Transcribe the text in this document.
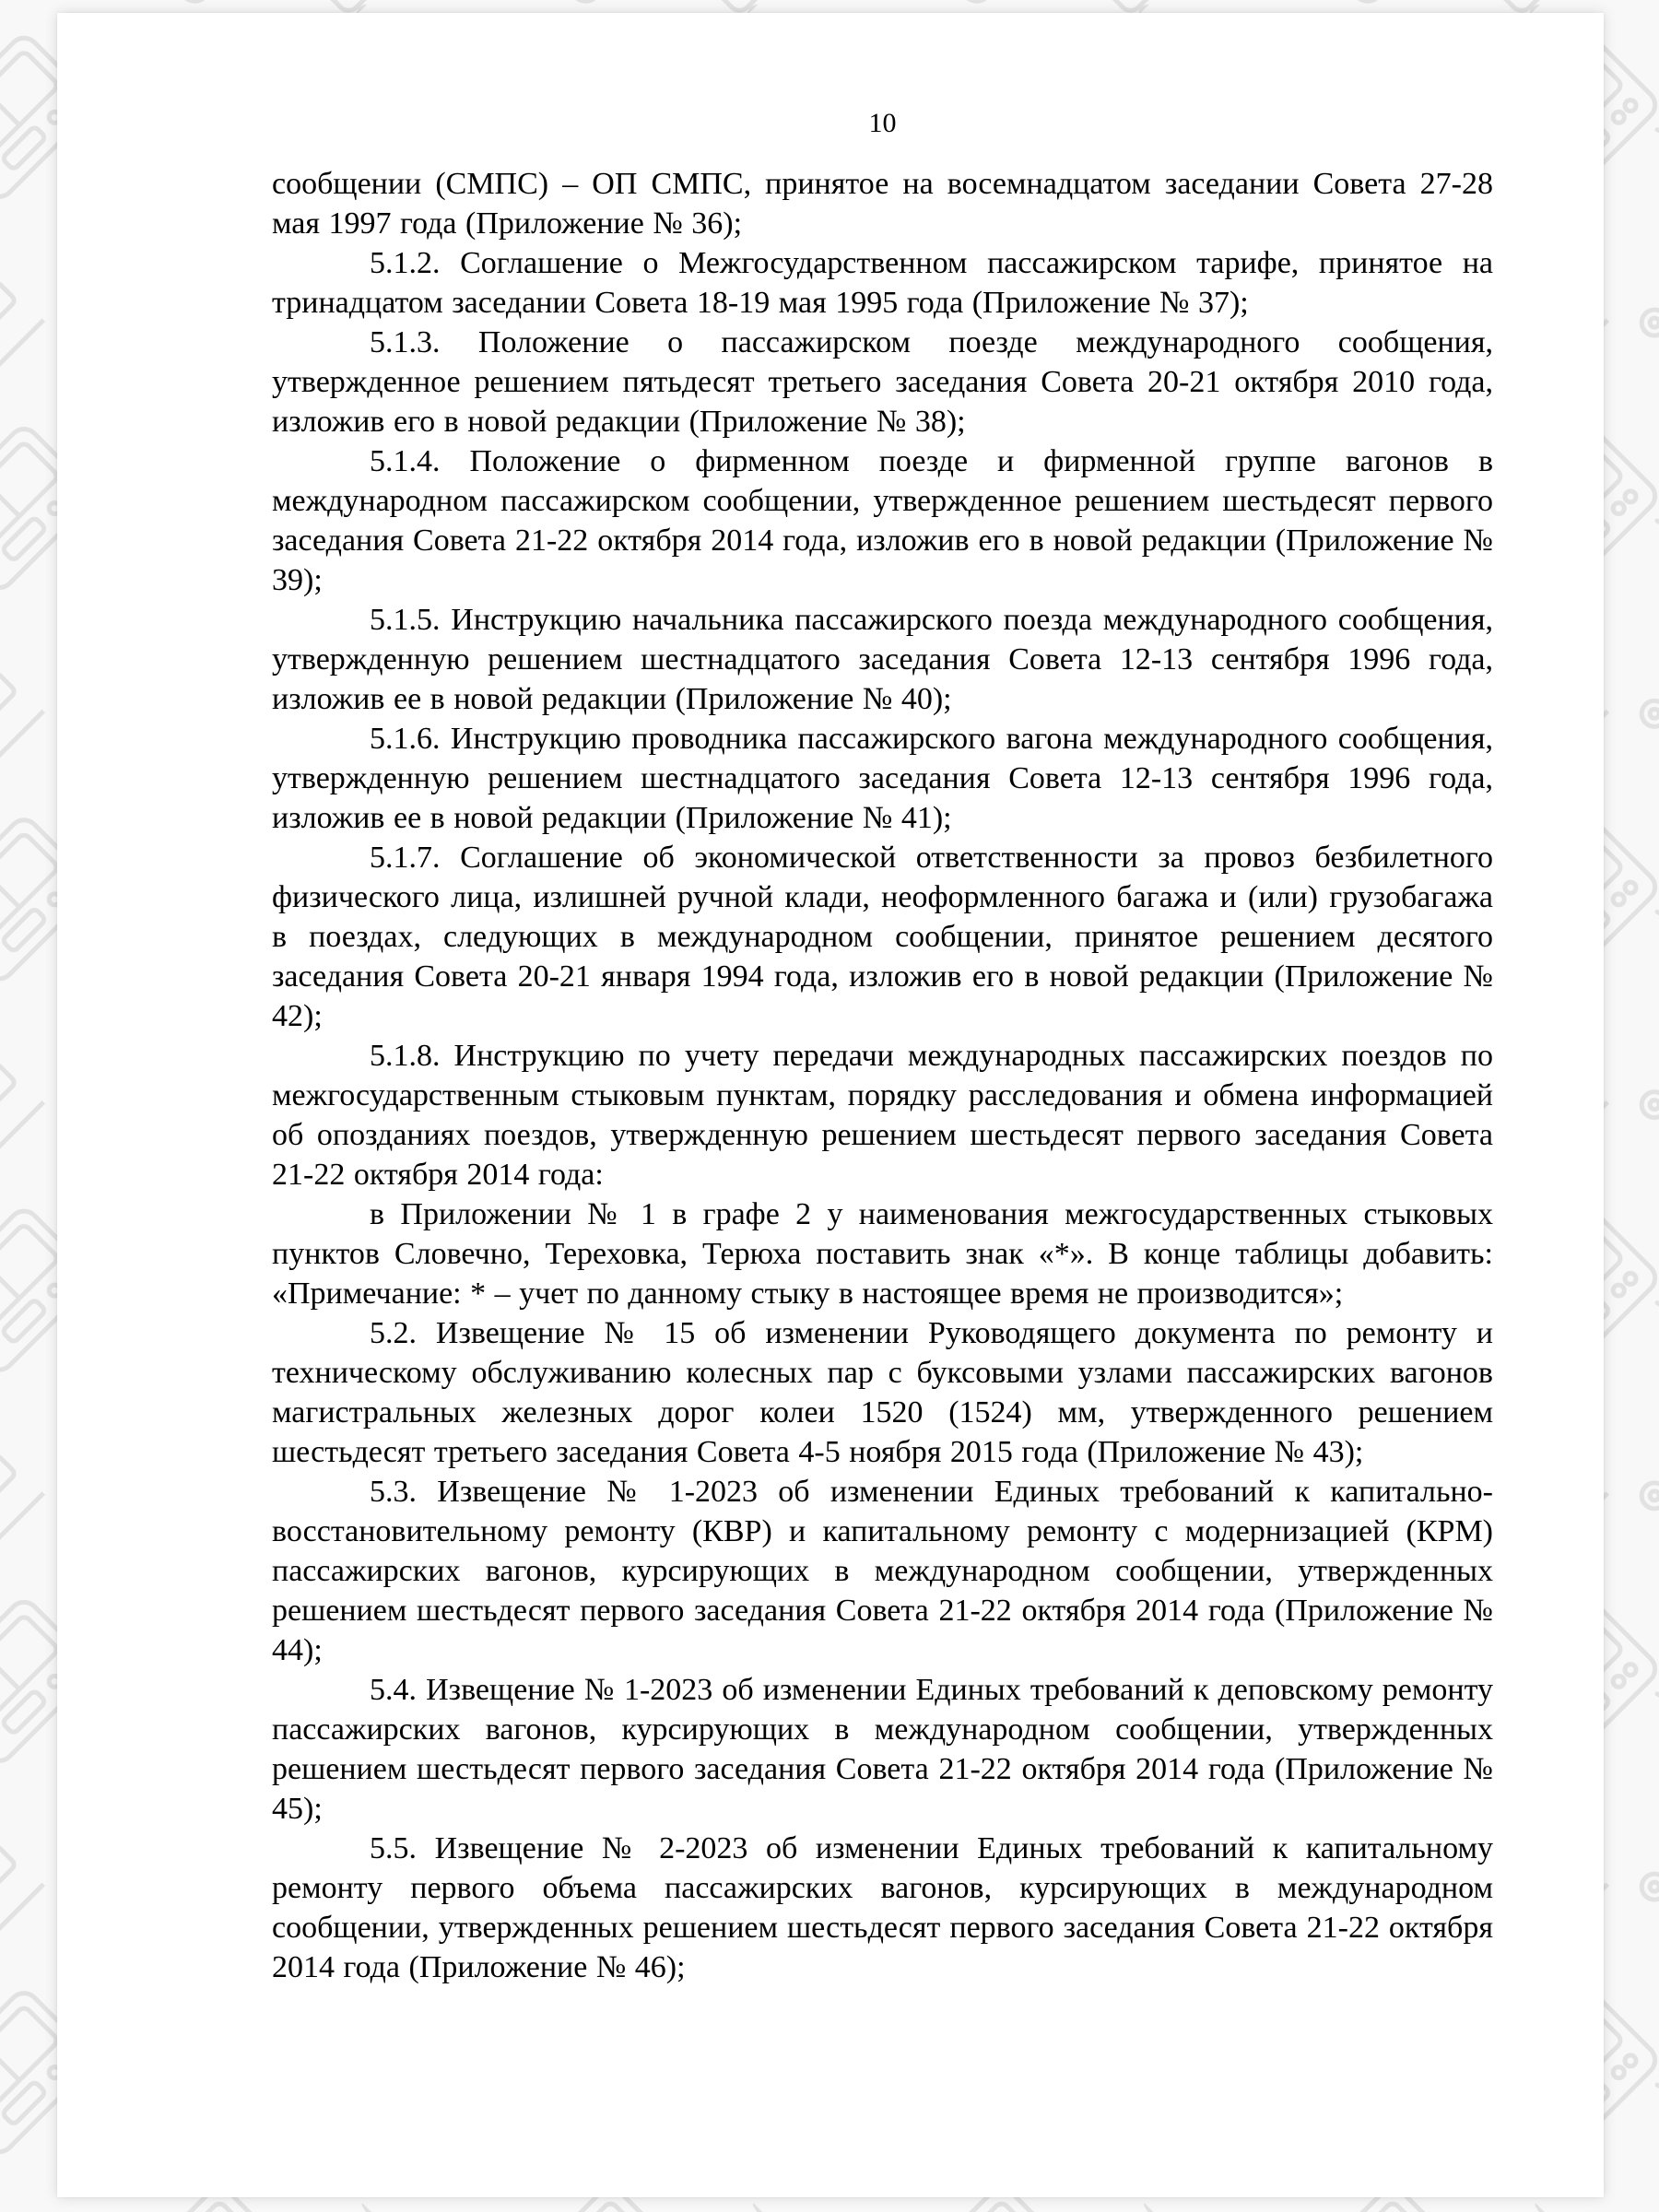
10

сообщении (СМПС) – ОП СМПС, принятое на восемнадцатом заседании Совета 27-28 мая 1997 года (Приложение № 36);

5.1.2. Соглашение о Межгосударственном пассажирском тарифе, принятое на тринадцатом заседании Совета 18-19 мая 1995 года (Приложение № 37);

5.1.3. Положение о пассажирском поезде международного сообщения, утвержденное решением пятьдесят третьего заседания Совета 20-21 октября 2010 года, изложив его в новой редакции (Приложение № 38);

5.1.4. Положение о фирменном поезде и фирменной группе вагонов в международном пассажирском сообщении, утвержденное решением шестьдесят первого заседания Совета 21-22 октября 2014 года, изложив его в новой редакции (Приложение № 39);

5.1.5. Инструкцию начальника пассажирского поезда международного сообщения, утвержденную решением шестнадцатого заседания Совета 12-13 сентября 1996 года, изложив ее в новой редакции (Приложение № 40);

5.1.6. Инструкцию проводника пассажирского вагона международного сообщения, утвержденную решением шестнадцатого заседания Совета 12-13 сентября 1996 года, изложив ее в новой редакции (Приложение № 41);

5.1.7. Соглашение об экономической ответственности за провоз безбилетного физического лица, излишней ручной клади, неоформленного багажа и (или) грузобагажа в поездах, следующих в международном сообщении, принятое решением десятого заседания Совета 20-21 января 1994 года, изложив его в новой редакции (Приложение № 42);

5.1.8. Инструкцию по учету передачи международных пассажирских поездов по межгосударственным стыковым пунктам, порядку расследования и обмена информацией об опозданиях поездов, утвержденную решением шестьдесят первого заседания Совета 21-22 октября 2014 года:

в Приложении № 1 в графе 2 у наименования межгосударственных стыковых пунктов Словечно, Тереховка, Терюха поставить знак «*». В конце таблицы добавить: «Примечание: * – учет по данному стыку в настоящее время не производится»;

5.2. Извещение № 15 об изменении Руководящего документа по ремонту и техническому обслуживанию колесных пар с буксовыми узлами пассажирских вагонов магистральных железных дорог колеи 1520 (1524) мм, утвержденного решением шестьдесят третьего заседания Совета 4-5 ноября 2015 года (Приложение № 43);

5.3. Извещение № 1-2023 об изменении Единых требований к капитально-восстановительному ремонту (КВР) и капитальному ремонту с модернизацией (КРМ) пассажирских вагонов, курсирующих в международном сообщении, утвержденных решением шестьдесят первого заседания Совета 21-22 октября 2014 года (Приложение № 44);

5.4. Извещение № 1-2023 об изменении Единых требований к деповскому ремонту пассажирских вагонов, курсирующих в международном сообщении, утвержденных решением шестьдесят первого заседания Совета 21-22 октября 2014 года (Приложение № 45);

5.5. Извещение № 2-2023 об изменении Единых требований к капитальному ремонту первого объема пассажирских вагонов, курсирующих в международном сообщении, утвержденных решением шестьдесят первого заседания Совета 21-22 октября 2014 года (Приложение № 46);
